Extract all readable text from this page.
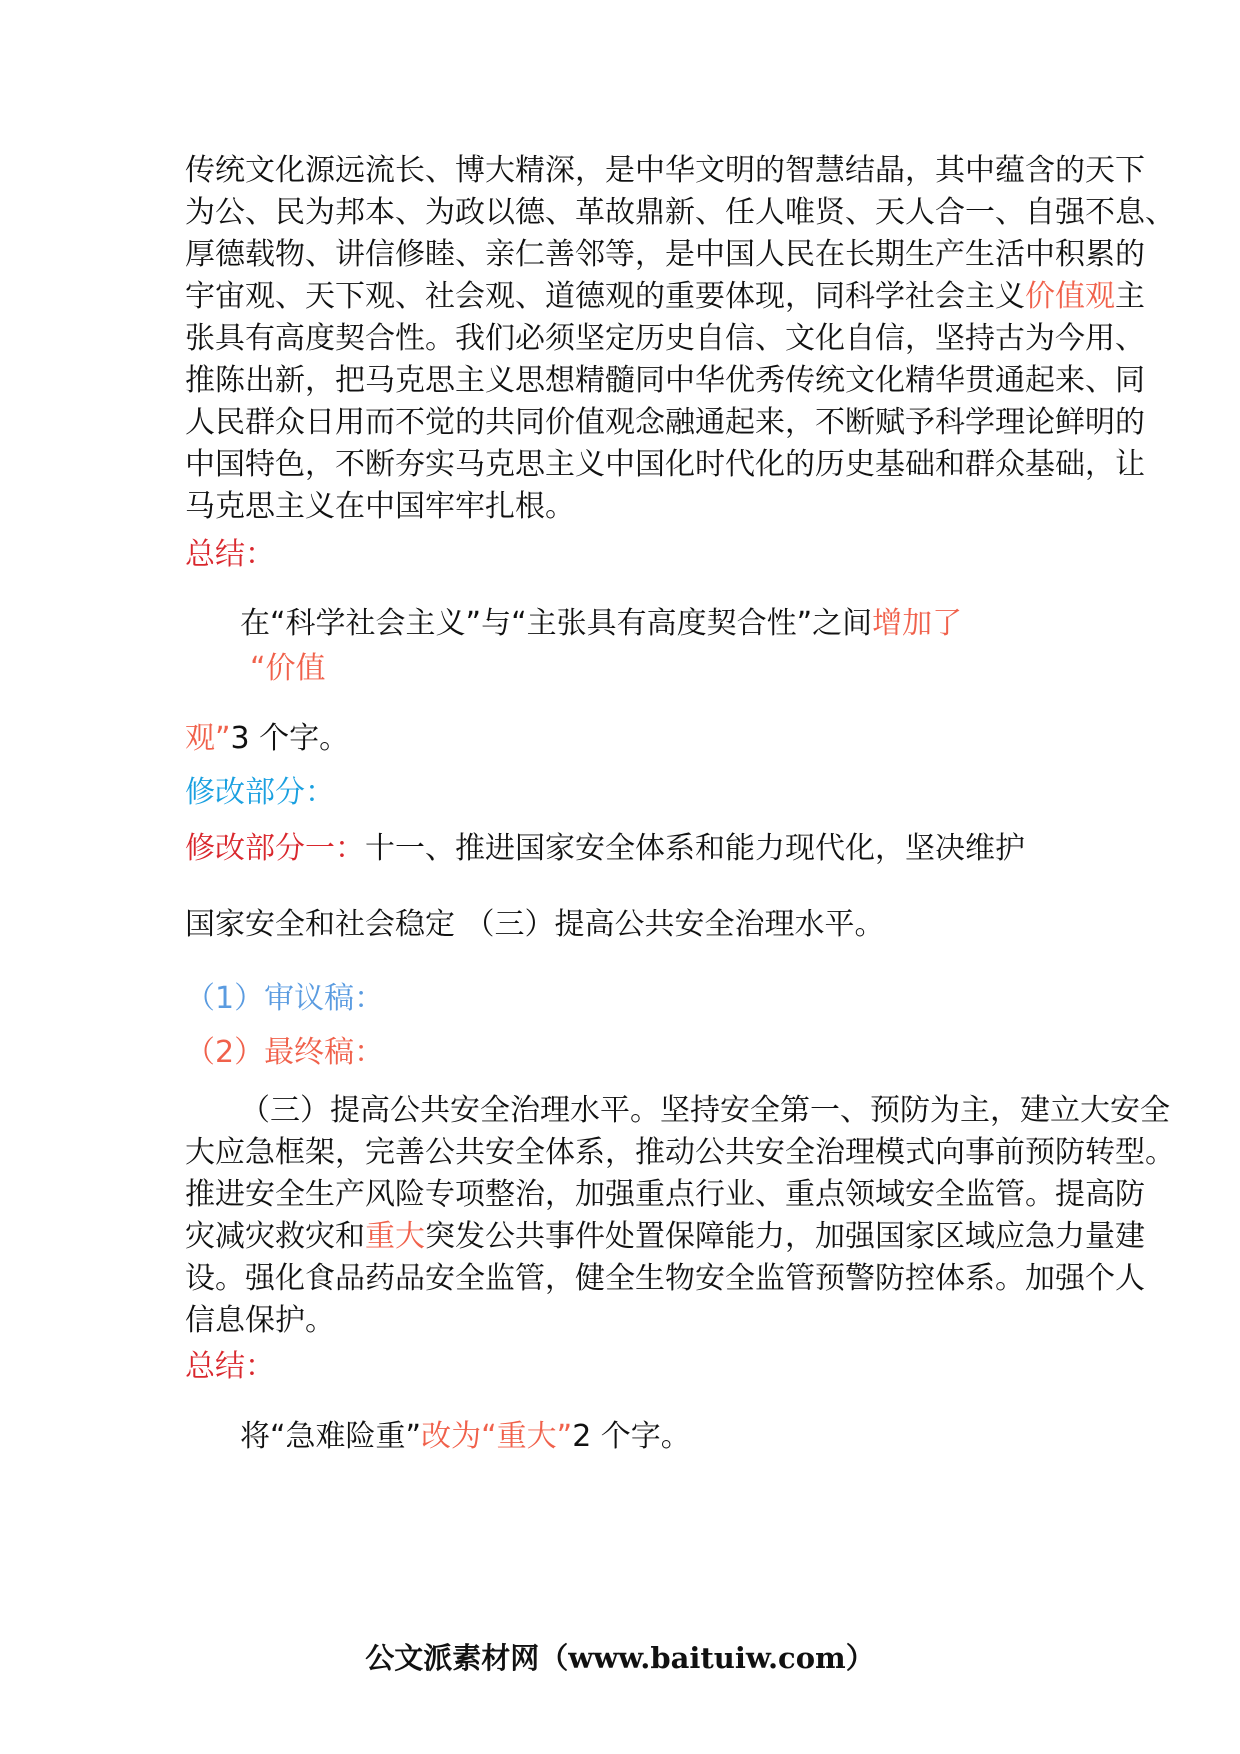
传统文化源远流长、博大精深，是中华文明的智慧结晶，其中蕴含的天下
为公、民为邦本、为政以德、革故鼎新、任人唯贤、天人合一、自强不息、
厚德载物、讲信修睦、亲仁善邻等，是中国人民在长期生产生活中积累的
宇宙观、天下观、社会观、道德观的重要体现，同科学社会主义价值观主
张具有高度契合性。我们必须坚定历史自信、文化自信，坚持古为今用、
推陈出新，把马克思主义思想精髓同中华优秀传统文化精华贯通起来、同
人民群众日用而不觉的共同价值观念融通起来，不断赋予科学理论鲜明的
中国特色，不断夯实马克思主义中国化时代化的历史基础和群众基础，让
马克思主义在中国牢牢扎根。
总结：
在“科学社会主义”与“主张具有高度契合性”之间增加了
“价值
观”3 个字。
修改部分：
修改部分一：十一、推进国家安全体系和能力现代化，坚决维护
国家安全和社会稳定 （三）提高公共安全治理水平。
（1）审议稿：
（2）最终稿：
（三）提高公共安全治理水平。坚持安全第一、预防为主，建立大安全
大应急框架，完善公共安全体系，推动公共安全治理模式向事前预防转型。
推进安全生产风险专项整治，加强重点行业、重点领域安全监管。提高防
灾减灾救灾和重大突发公共事件处置保障能力，加强国家区域应急力量建
设。强化食品药品安全监管，健全生物安全监管预警防控体系。加强个人
信息保护。
总结：
将“急难险重”改为“重大”2 个字。
公文派素材网（www.baituiw.com）
